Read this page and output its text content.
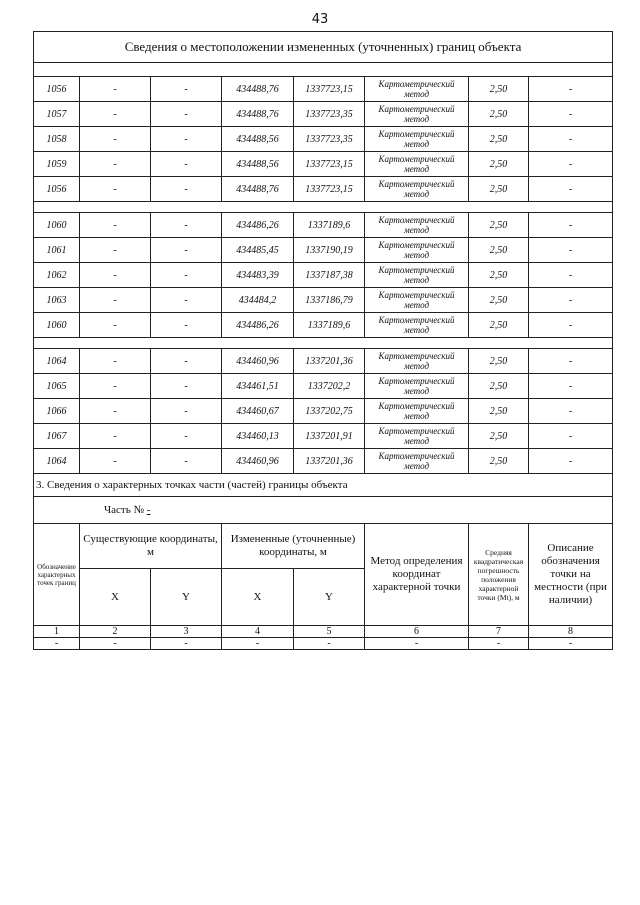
43
Сведения о местоположении измененных (уточненных) границ объекта							

1056	-	-	434488,76	1337723,15	Картометрический метод	2,50	-
1057	-	-	434488,76	1337723,35	Картометрический метод	2,50	-
1058	-	-	434488,56	1337723,35	Картометрический метод	2,50	-
1059	-	-	434488,56	1337723,15	Картометрический метод	2,50	-
1056	-	-	434488,76	1337723,15	Картометрический метод	2,50	-

1060	-	-	434486,26	1337189,6	Картометрический метод	2,50	-
1061	-	-	434485,45	1337190,19	Картометрический метод	2,50	-
1062	-	-	434483,39	1337187,38	Картометрический метод	2,50	-
1063	-	-	434484,2	1337186,79	Картометрический метод	2,50	-
1060	-	-	434486,26	1337189,6	Картометрический метод	2,50	-

1064	-	-	434460,96	1337201,36	Картометрический метод	2,50	-
1065	-	-	434461,51	1337202,2	Картометрический метод	2,50	-
1066	-	-	434460,67	1337202,75	Картометрический метод	2,50	-
1067	-	-	434460,13	1337201,91	Картометрический метод	2,50	-
1064	-	-	434460,96	1337201,36	Картометрический метод	2,50	-
3. Сведения о характерных точках части (частей) границы объекта							
Часть № -							
Обозначение характерных точек границ	Существующие координаты, м		Измененные (уточненные) координаты, м		Метод определения координат характерной точки	Средняя квадратическая погрешность положения характерной точки (Mt), м	Описание обозначения точки на местности (при наличии)
	X	Y	X	Y			
1	2	3	4	5	6	7	8
-	-	-	-	-	-	-	-
